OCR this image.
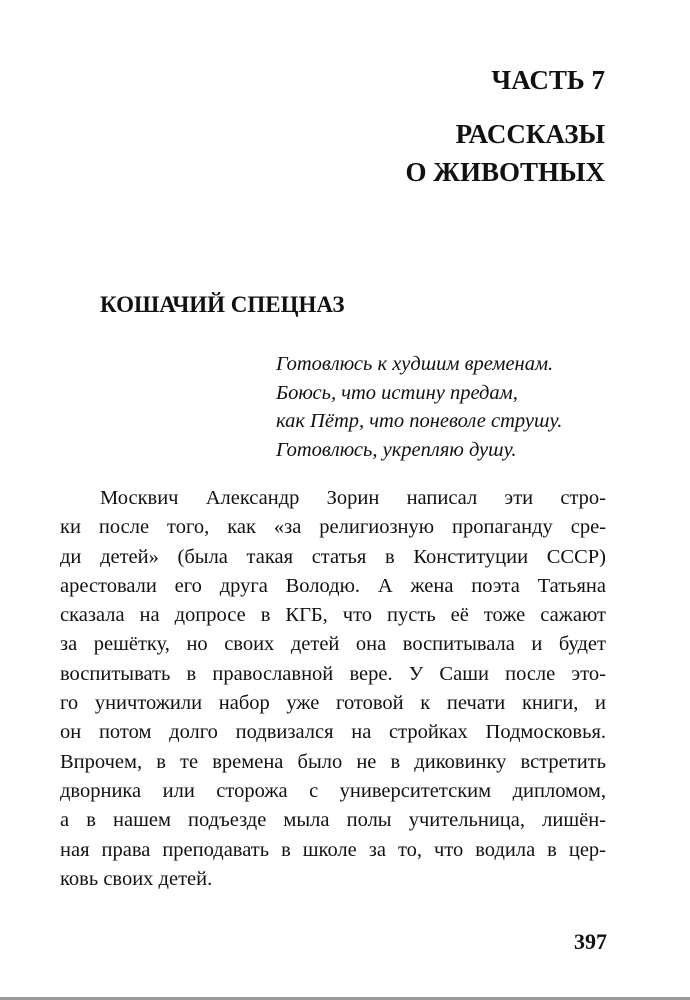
ЧАСТЬ 7
РАССКАЗЫ
О ЖИВОТНЫХ
КОШАЧИЙ СПЕЦНАЗ
Готовлюсь к худшим временам.
Боюсь, что истину предам,
как Пётр, что поневоле струшу.
Готовлюсь, укрепляю душу.
Москвич Александр Зорин написал эти стро-
ки после того, как «за религиозную пропаганду сре-
ди детей» (была такая статья в Конституции СССР)
арестовали его друга Володю. А жена поэта Татьяна
сказала на допросе в КГБ, что пусть её тоже сажают
за решётку, но своих детей она воспитывала и будет
воспитывать в православной вере. У Саши после это-
го уничтожили набор уже готовой к печати книги, и
он потом долго подвизался на стройках Подмосковья.
Впрочем, в те времена было не в диковинку встретить
дворника или сторожа с университетским дипломом,
а в нашем подъезде мыла полы учительница, лишён-
ная права преподавать в школе за то, что водила в цер-
ковь своих детей.
397
